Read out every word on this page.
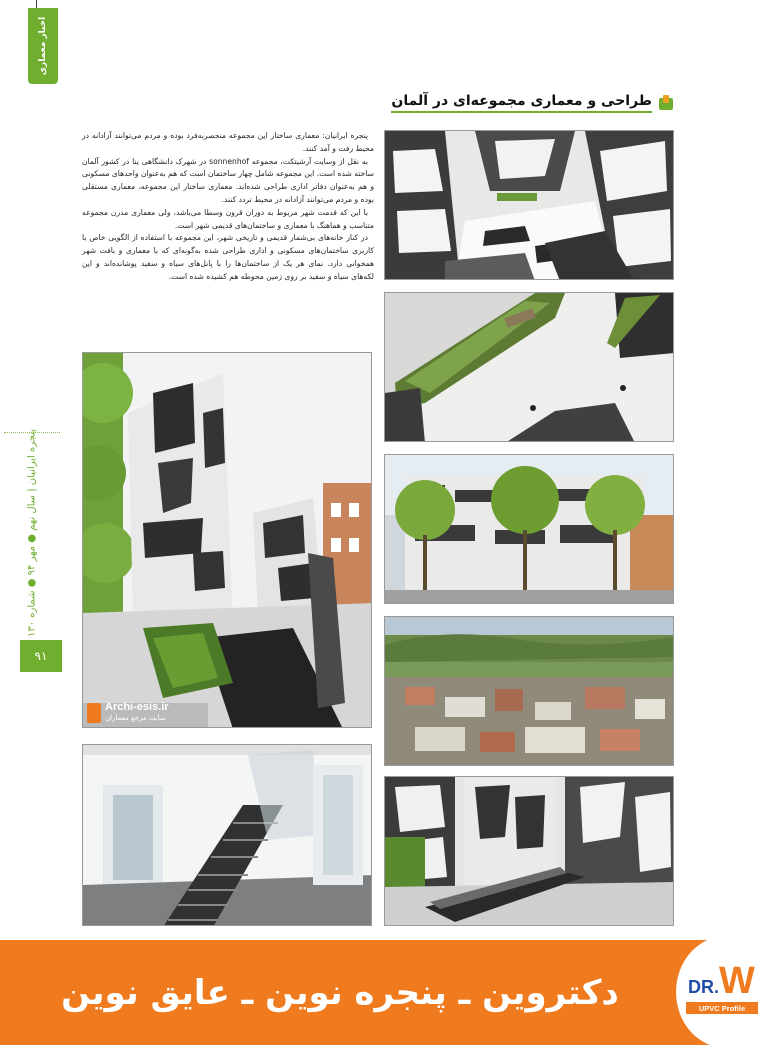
اخبار معماری
پنجره ایرانیان | سال نهم ● مهر ۹۴ ● شماره ۱۳۰
۹۱
طراحی و معماری مجموعه‌ای در آلمان

پنجره ایرانیان: معماری ساختار این مجموعه منحصربه‌فرد بوده و مردم می‌توانند آزادانه در محیط رفت و آمد کنند.

به نقل از وسایت آرشیتکت، مجموعه sonnenhof در شهرک دانشگاهی ینا در کشور آلمان ساخته شده است. این مجموعه شامل چهار ساختمان است که هم به‌عنوان واحدهای مسکونی و هم به‌عنوان دفاتر اداری طراحی شده‌اند. معماری ساختار این مجموعه، معماری مستقلی بوده و مردم می‌توانند آزادانه در محیط تردد کنند.

با این که قدمت شهر مربوط به دوران قرون وسطا می‌باشد، ولی معماری مدرن مجموعه متناسب و هماهنگ با معماری و ساختمان‌های قدیمی شهر است.

در کنار خانه‌های بی‌شمار قدیمی و تاریخی شهر، این مجموعه با استفاده از الگویی خاص با کاربری ساختمان‌های مسکونی و اداری طراحی شده به‌گونه‌ای که با معماری و بافت شهر همخوانی دارد. نمای هر یک از ساختمان‌ها را با پانل‌های سیاه و سفید پوشانده‌اند و این لکه‌های سیاه و سفید بر روی زمین محوطه هم کشیده شده است.

Archi-esis.ir
سایت مرجع معماران
دکتروین ـ پنجره نوین ـ عایق نوین	DR.W
UPVC Profile
